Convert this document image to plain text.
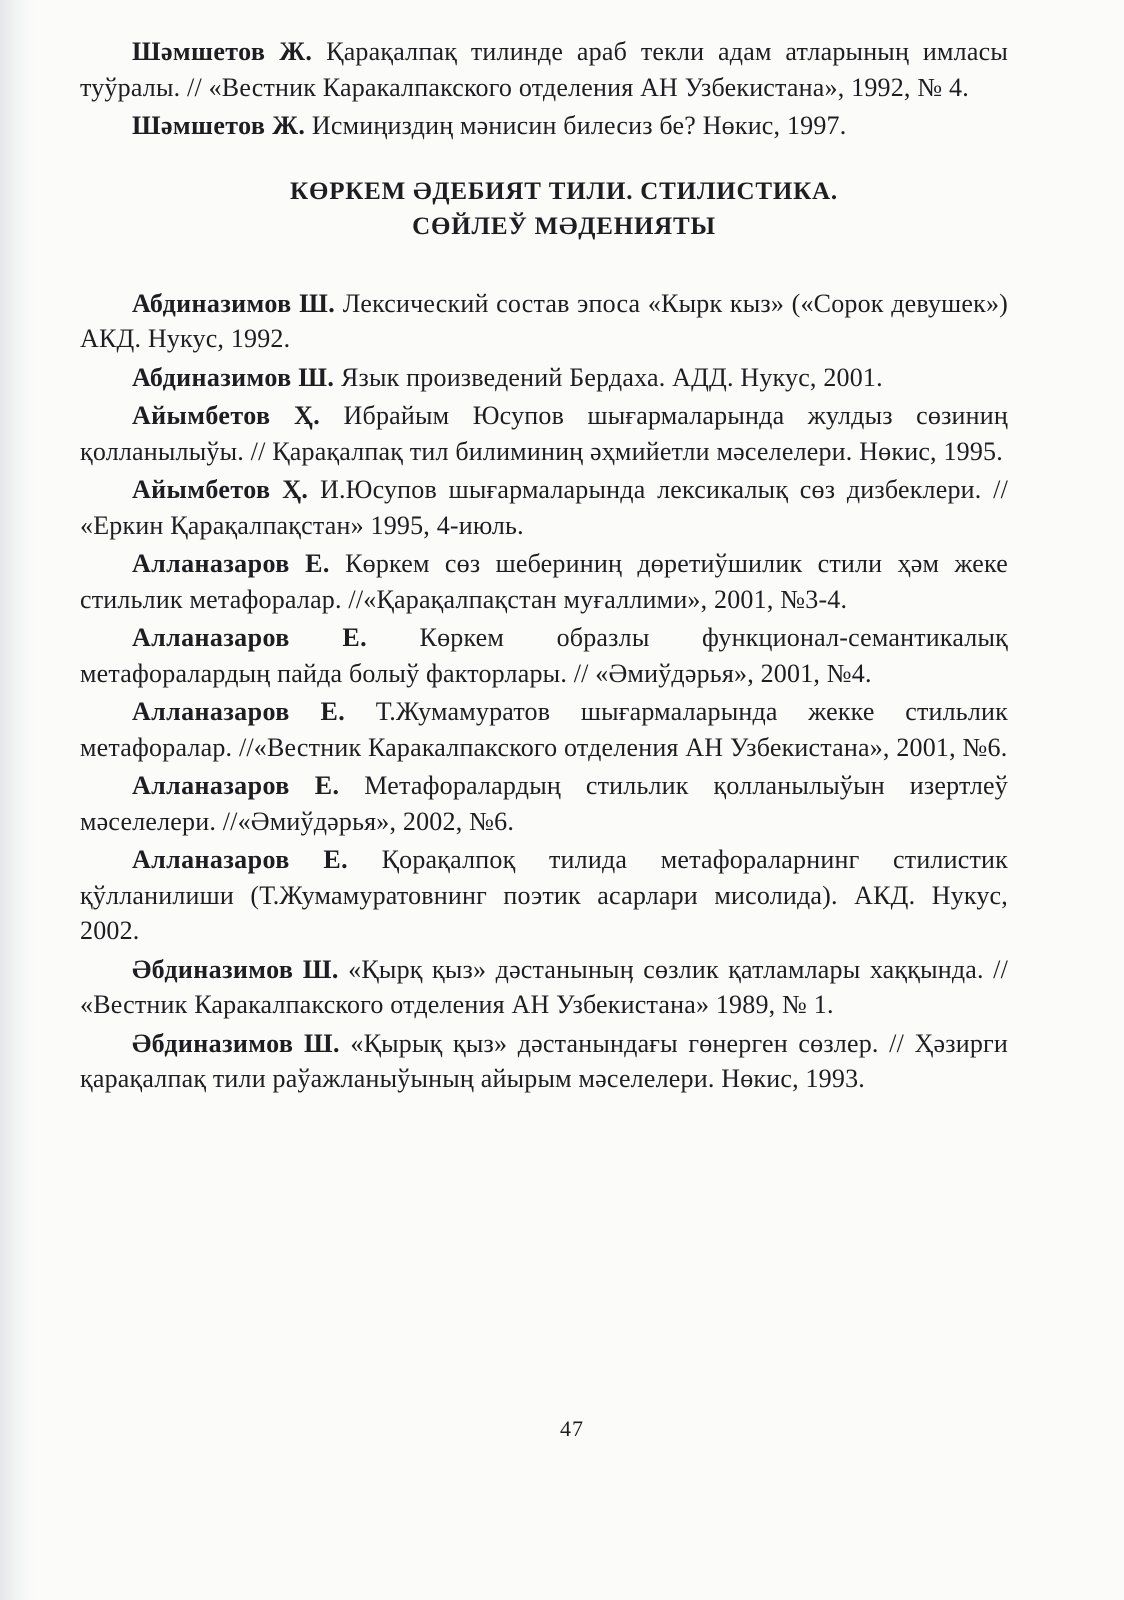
Шәмшетов Ж. Қарақалпақ тилинде араб текли адам атларының имласы туўралы. // «Вестник Каракалпакского отделения АН Узбекистана», 1992, № 4.

Шәмшетов Ж. Исмиңиздиң мәнисин билесиз бе? Нөкис, 1997.

КӨРКЕМ ӘДЕБИЯТ ТИЛИ. СТИЛИСТИКА.
СӨЙЛЕЎ МӘДЕНИЯТЫ

Абдиназимов Ш. Лексический состав эпоса «Кырк кыз» («Сорок девушек») АКД. Нукус, 1992.

Абдиназимов Ш. Язык произведений Бердаха. АДД. Нукус, 2001.

Айымбетов Ҳ. Ибрайым Юсупов шығармаларында жулдыз сөзиниң қолланылыўы. // Қарақалпақ тил билиминиң әҳмийетли мәселелери. Нөкис, 1995.

Айымбетов Ҳ. И.Юсупов шығармаларында лексикалық сөз дизбеклери. // «Еркин Қарақалпақстан» 1995, 4-июль.

Алланазаров Е. Көркем сөз шебериниң дөретиўшилик стили ҳәм жеке стильлик метафоралар. //«Қарақалпақстан муғаллими», 2001, №3-4.

Алланазаров Е. Көркем образлы функционал-семантикалық метафоралардың пайда болыў факторлары. // «Әмиўдәрья», 2001, №4.

Алланазаров Е. Т.Жумамуратов шығармаларында жекке стильлик метафоралар. //«Вестник Каракалпакского отделения АН Узбекистана», 2001, №6.

Алланазаров Е. Метафоралардың стильлик қолланылыўын изертлеў мәселелери. //«Әмиўдәрья», 2002, №6.

Алланазаров Е. Қорақалпоқ тилида метафораларнинг стилистик қўлланилиши (Т.Жумамуратовнинг поэтик асарлари мисолида). АКД. Нукус, 2002.

Әбдиназимов Ш. «Қырқ қыз» дәстаныныӊ сөзлик қатламлары хаққында. // «Вестник Каракалпакского отделения АН Узбекистана» 1989, № 1.

Әбдиназимов Ш. «Қырық қыз» дәстанындағы гөнерген сөзлер. // Ҳәзирги қарақалпақ тили раўажланыўының айырым мәселелери. Нөкис, 1993.

47
